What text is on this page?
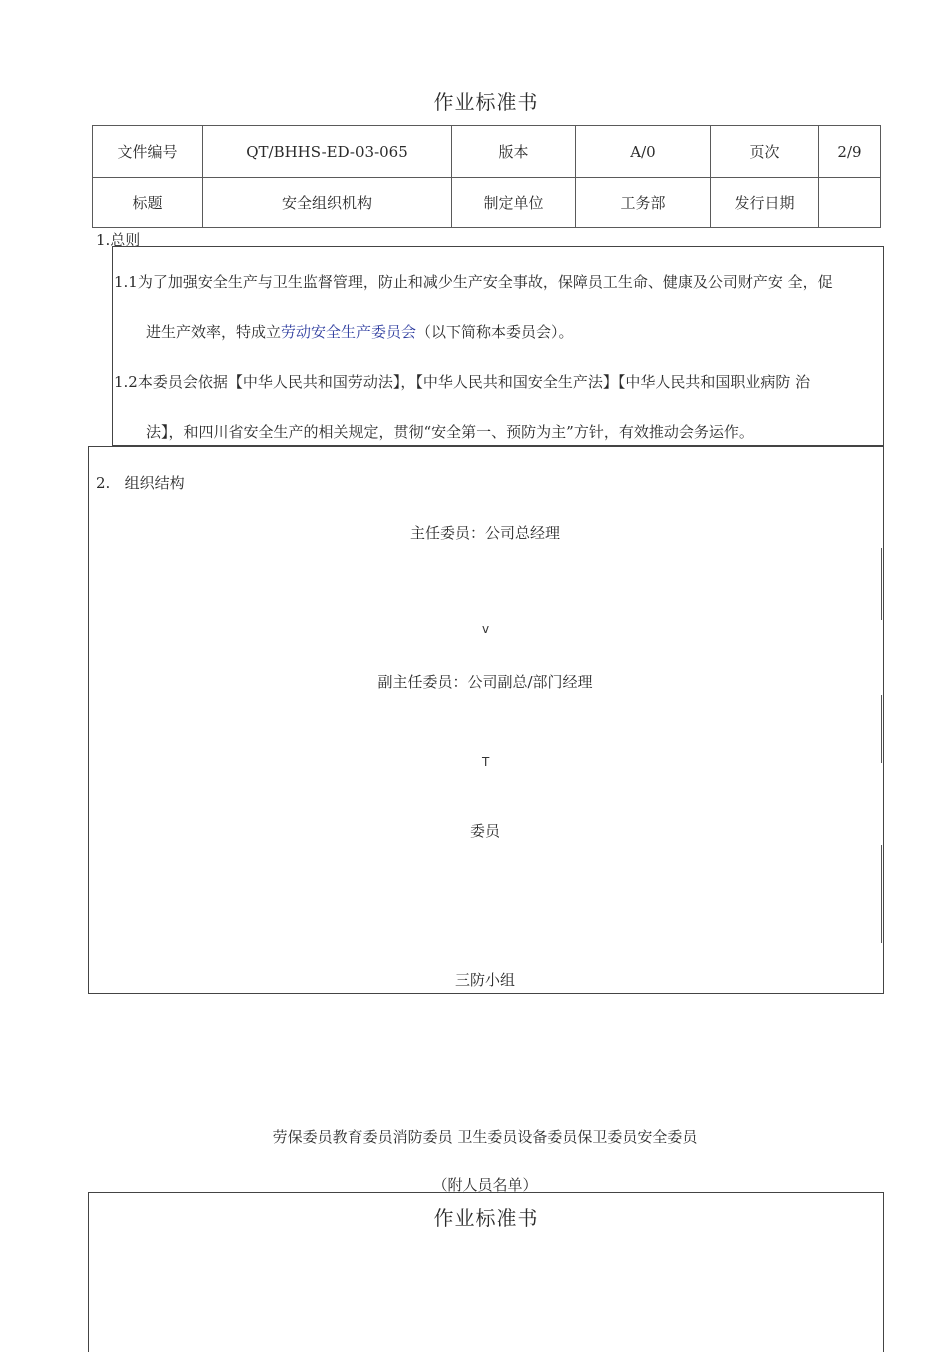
作业标准书
文件编号	QT/BHHS-ED-03-065	版本	A/0	页次	2/9
标题	安全组织机构	制定单位	工务部	发行日期	
1.总则
1.1为了加强安全生产与卫生监督管理，防止和减少生产安全事故，保障员工生命、健康及公司财产安 全，促
进生产效率，特成立劳动安全生产委员会（以下简称本委员会）。
1.2本委员会依据【中华人民共和国劳动法】，【中华人民共和国安全生产法】【中华人民共和国职业病防 治
法】，和四川省安全生产的相关规定，贯彻“安全第一、预防为主”方针，有效推动会务运作。
2.   组织结构
主任委员：公司总经理
v
副主任委员：公司副总/部门经理
T
委员
三防小组
劳保委员教育委员消防委员 卫生委员设备委员保卫委员安全委员
（附人员名单）
作业标准书
